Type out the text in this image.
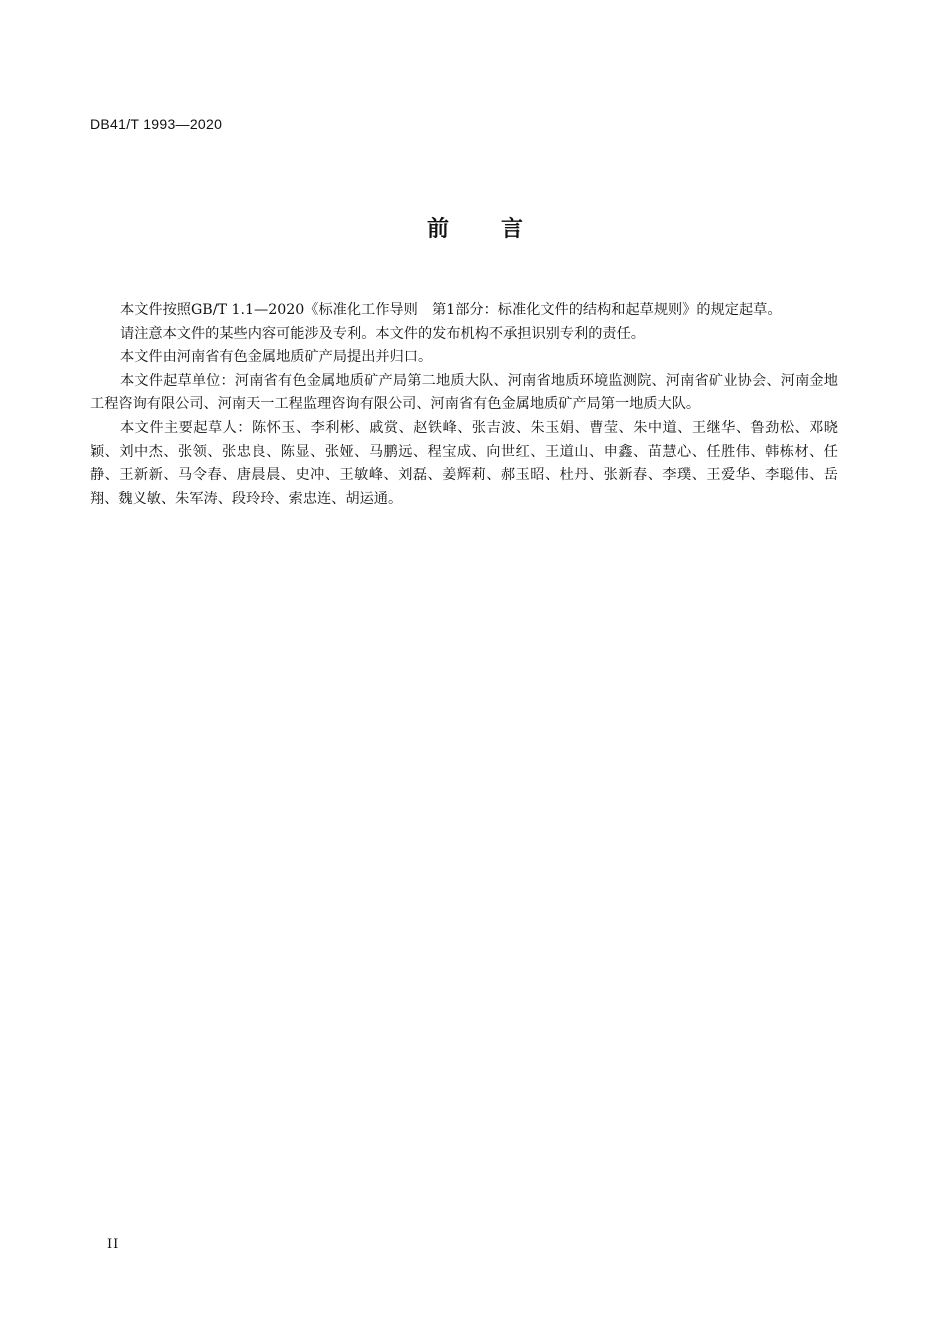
DB41/T 1993—2020
前 言

本文件按照GB/T 1.1—2020《标准化工作导则　第1部分：标准化文件的结构和起草规则》的规定起草。

请注意本文件的某些内容可能涉及专利。本文件的发布机构不承担识别专利的责任。

本文件由河南省有色金属地质矿产局提出并归口。

本文件起草单位：河南省有色金属地质矿产局第二地质大队、河南省地质环境监测院、河南省矿业协会、河南金地工程咨询有限公司、河南天一工程监理咨询有限公司、河南省有色金属地质矿产局第一地质大队。

本文件主要起草人：陈怀玉、李利彬、戚赏、赵铁峰、张吉波、朱玉娟、曹莹、朱中道、王继华、鲁劲松、邓晓颖、刘中杰、张领、张忠良、陈显、张娅、马鹏远、程宝成、向世红、王道山、申鑫、苗慧心、任胜伟、韩栋材、任静、王新新、马令春、唐晨晨、史冲、王敏峰、刘磊、姜辉莉、郝玉昭、杜丹、张新春、李璞、王爱华、李聪伟、岳翔、魏义敏、朱军涛、段玲玲、索忠连、胡运通。

II
